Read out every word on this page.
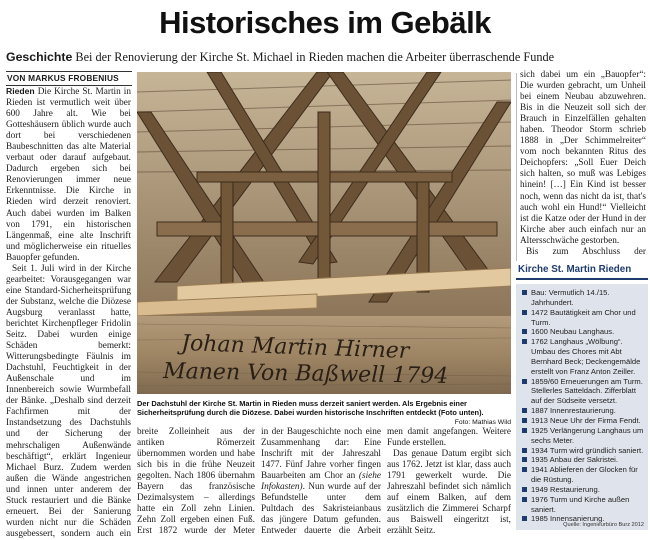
Historisches im Gebälk
Geschichte Bei der Renovierung der Kirche St. Michael in Rieden machen die Arbeiter überraschende Funde
VON MARKUS FROBENIUS

Rieden Die Kirche St. Martin in Rieden ist vermutlich weit über 600 Jahre alt. Wie bei Gotteshäusern üblich wurde auch dort bei verschiedenen Baubeschnitten das alte Material verbaut oder darauf aufgebaut. Dadurch ergeben sich bei Renovierungen immer neue Erkenntnisse. Die Kirche in Rieden wird derzeit renoviert. Auch dabei wurden im Balken von 1791, ein historischen Längenmaß, eine alte Inschrift und möglicherweise ein rituelles Bauopfer gefunden.

Seit 1. Juli wird in der Kirche gearbeitet: Vorausgegangen war eine Standard-Sicherheitsprüfung der Substanz, welche die Diözese Augsburg veranlasst hatte, berichtet Kirchenpfleger Fridolin Seitz. Dabei wurden einige Schäden bemerkt: Witterungsbedingte Fäulnis im Dachstuhl, Feuchtigkeit in der Außenschale und im Innenbereich sowie Wurmbefall der Bänke. „Deshalb sind derzeit Fachfirmen mit der Instandsetzung des Dachstuhls und der Sicherung der mehrschaligen Außenwände beschäftigt“, erklärt Ingenieur Michael Burz. Zudem werden außen die Wände angestrichen und innen unter anderem der Stuck restauriert und die Bänke erneuert. Bei der Sanierung wurden nicht nur die Schäden ausgebessert, sondern auch ein

Johan Martin Hirner
Manen Von Baßwell 1794
Der Dachstuhl der Kirche St. Martin in Rieden muss derzeit saniert werden. Als Ergebnis einer Sicherheitsprüfung durch die Diözese. Dabei wurden historische Inschriften entdeckt (Foto unten).
Foto: Mathias Wild

breite Zolleinheit aus der antiken Römerzeit übernommen worden und habe sich bis in die frühe Neuzeit gegolten. Nach 1806 übernahm Bayern das französische Dezimalsystem – allerdings hatte ein Zoll zehn Linien. Zehn Zoll ergeben einen Fuß. Erst 1872 wurde der Meter

in der Baugeschichte noch eine Zusammenhang dar: Eine Inschrift mit der Jahreszahl 1477. Fünf Jahre vorher fingen Bauarbeiten am Chor an (siehe Infokasten). Nun wurde auf der Befundstelle unter dem Pultdach des Sakristeianbaus das jüngere Datum gefunden. Entweder dauerte die Arbeit

men damit angefangen. Weitere Funde erstellen.

Das genaue Datum ergibt sich aus 1762. Jetzt ist klar, dass auch 1791 gewerkelt wurde. Die Jahreszahl befindet sich nämlich auf einem Balken, auf dem zusätzlich die Zimmerei Scharpf aus Baiswell eingeritzt ist, erzählt Seitz.

sich dabei um ein „Bauopfer“: Die wurden gebracht, um Unheil bei einem Neubau abzuwehren. Bis in die Neuzeit soll sich der Brauch in Einzelfällen gehalten haben. Theodor Storm schrieb 1888 in „Der Schimmelreiter“ vom noch bekannten Ritus des Deichopfers: „Soll Euer Deich sich halten, so muß was Lebiges hinein! […] Ein Kind ist besser noch, wenn das nicht da ist, that's auch wohl ein Hund!“ Vielleicht ist die Katze oder der Hund in der Kirche aber auch einfach nur an Altersschwäche gestorben.

Bis zum Abschluss der

Kirche St. Martin Rieden
Bau: Vermutlich 14./15. Jahrhundert.
1472 Bautätigkeit am Chor und Turm.
1600 Neubau Langhaus.
1762 Langhaus „Wölbung“. Umbau des Chores mit Abt Bernhard Beck; Deckengemälde erstellt von Franz Anton Zeiller.
1859/60 Erneuerungen am Turm. Stellerles Satteldach. Zifferblatt auf der Südseite versetzt.
1887 Innenrestaurierung.
1913 Neue Uhr der Firma Fendt.
1925 Verlängerung Langhaus um sechs Meter.
1934 Turm wird gründlich saniert.
1935 Anbau der Sakristei.
1941 Ablieferen der Glocken für die Rüstung.
1949 Restaurierung.
1976 Turm und Kirche außen saniert.
1985 Innensanierung.
Quelle: Ingenieurbüro Burz 2012
